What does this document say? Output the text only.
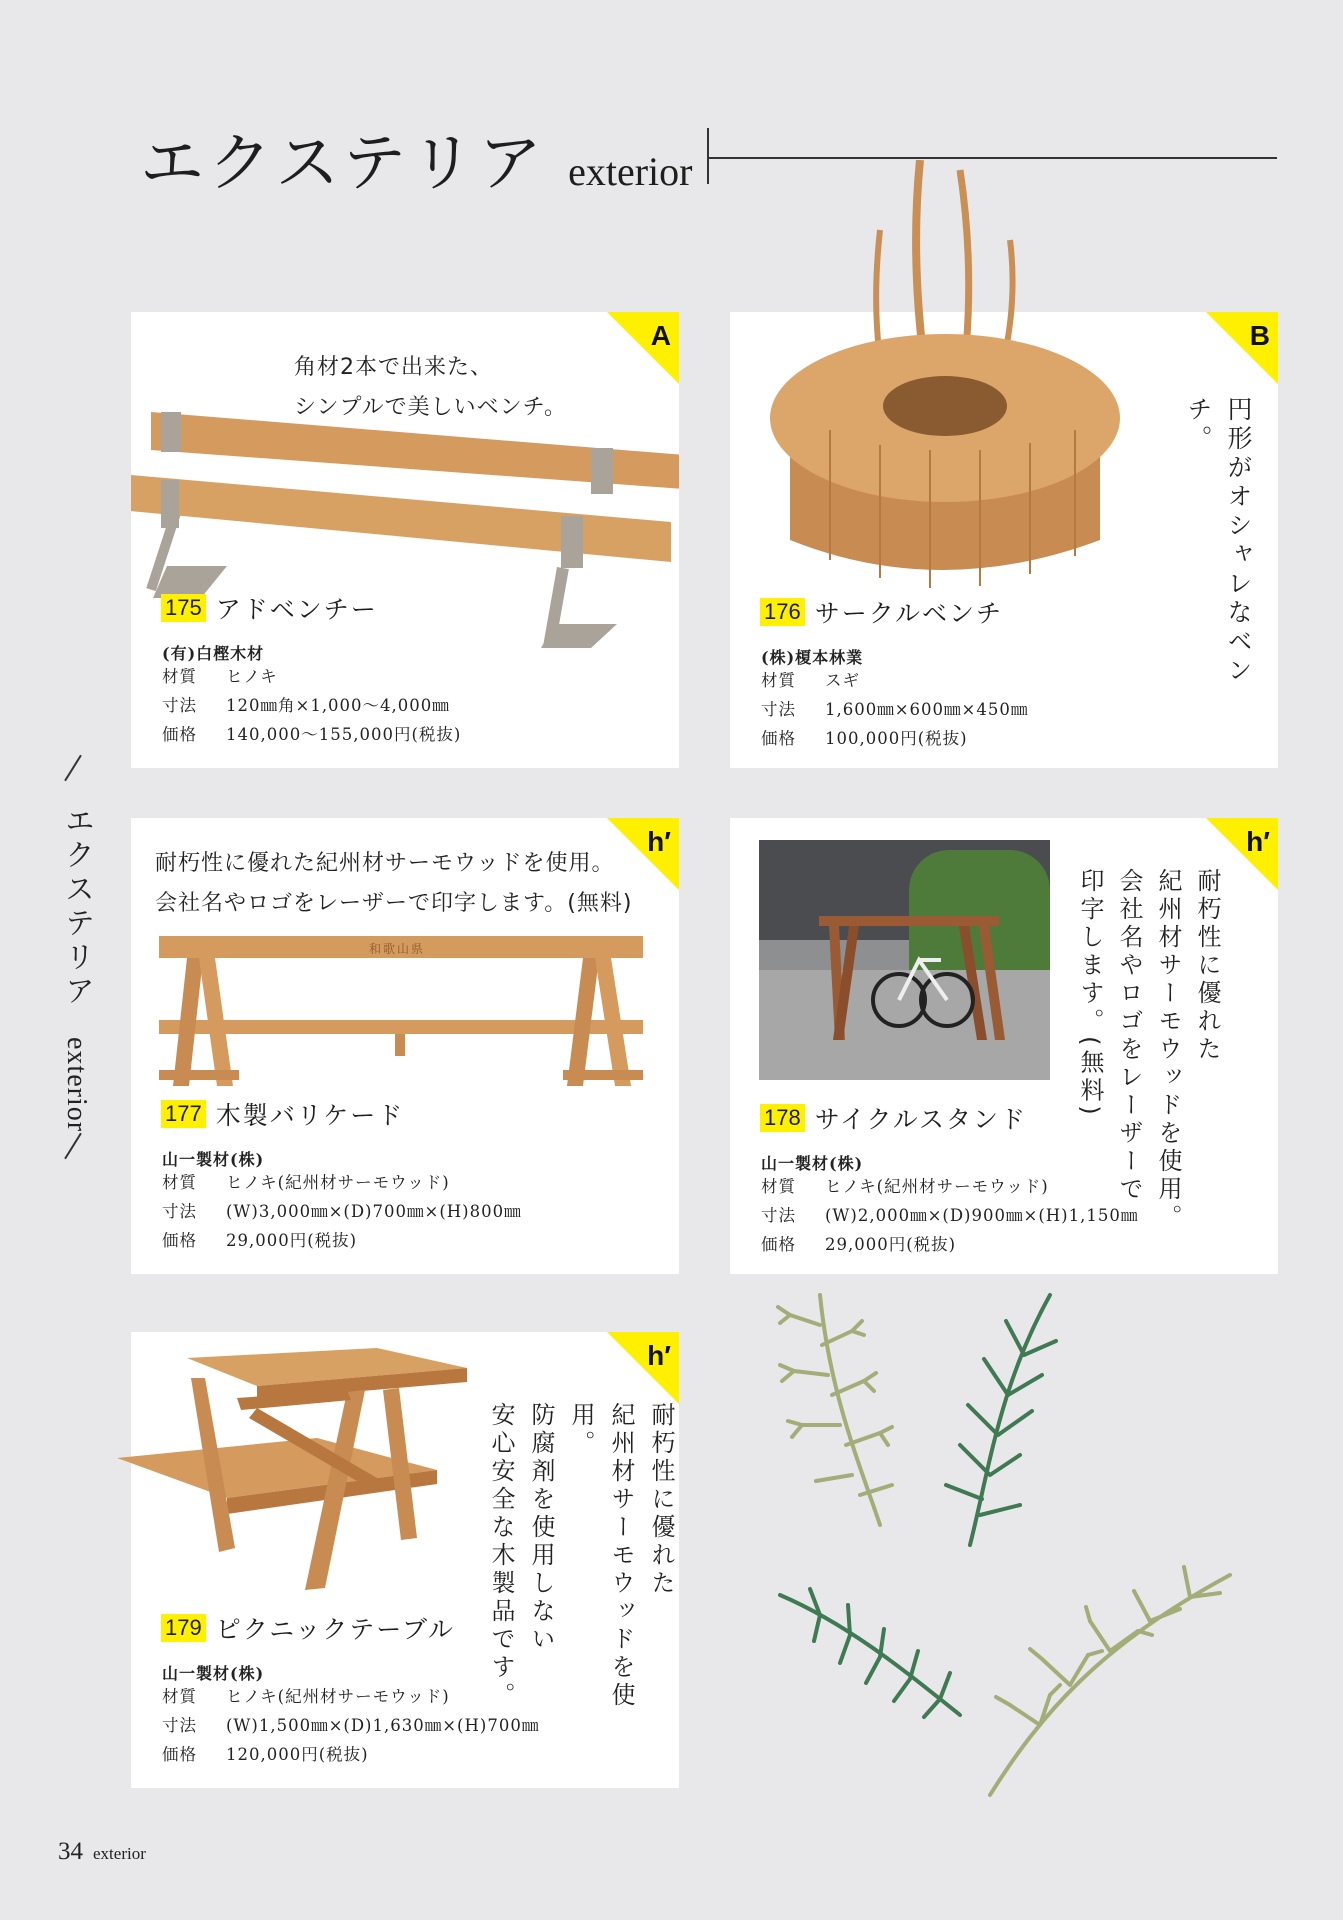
エクステリア exterior
エクステリアexterior
A
角材2本で出来た、
シンプルで美しいベンチ。
175 アドベンチー
(有)白樫木材
材質	ヒノキ
寸法	120㎜角×1,000～4,000㎜
価格	140,000～155,000円(税抜)
B
円形がオシャレなベンチ。
176 サークルベンチ
(株)榎本林業
材質	スギ
寸法	1,600㎜×600㎜×450㎜
価格	100,000円(税抜)
h′
耐朽性に優れた紀州材サーモウッドを使用。
会社名やロゴをレーザーで印字します。(無料)
和歌山県
177 木製バリケード
山一製材(株)
材質	ヒノキ(紀州材サーモウッド)
寸法	(W)3,000㎜×(D)700㎜×(H)800㎜
価格	29,000円(税抜)
h′
耐朽性に優れた
紀州材サーモウッドを使用。
会社名やロゴをレーザーで
印字します。(無料)
178 サイクルスタンド
山一製材(株)
材質	ヒノキ(紀州材サーモウッド)
寸法	(W)2,000㎜×(D)900㎜×(H)1,150㎜
価格	29,000円(税抜)
h′
耐朽性に優れた
紀州材サーモウッドを使用。
防腐剤を使用しない
安心安全な木製品です。
179 ピクニックテーブル
山一製材(株)
材質	ヒノキ(紀州材サーモウッド)
寸法	(W)1,500㎜×(D)1,630㎜×(H)700㎜
価格	120,000円(税抜)
34 exterior
